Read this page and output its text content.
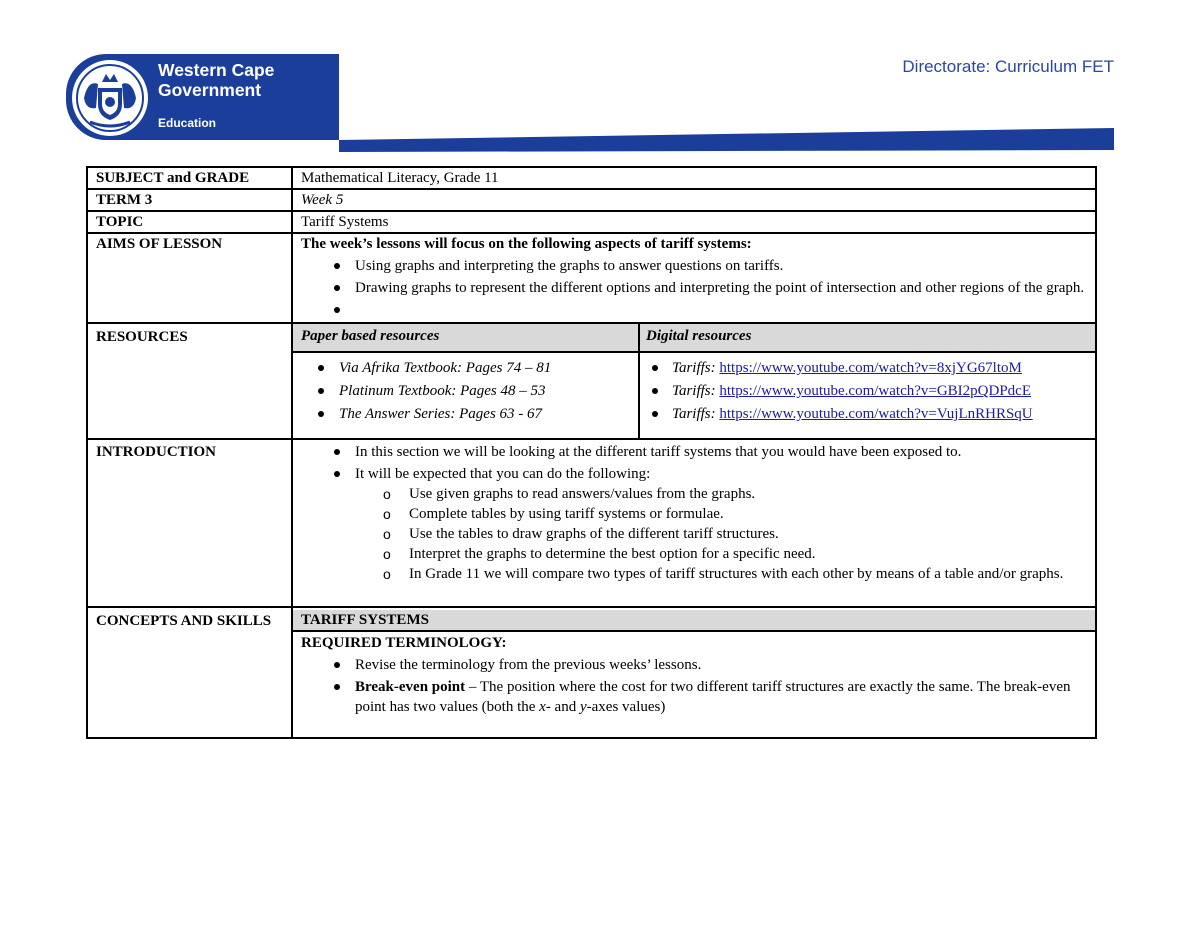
Western Cape
Government
Education
Directorate: Curriculum FET
SUBJECT and GRADE	Mathematical Literacy, Grade 11
TERM 3	Week 5
TOPIC	Tariff Systems
AIMS OF LESSON	The week’s lessons will focus on the following aspects of tariff systems:
Using graphs and interpreting the graphs to answer questions on tariffs.
Drawing graphs to represent the different options and interpreting the point of intersection and other regions of the graph.

RESOURCES		Paper based resources	Digital resources

Via Afrika Textbook: Pages 74 – 81
Platinum Textbook: Pages 48 – 53
The Answer Series: Pages 63 - 67

Tariffs: https://www.youtube.com/watch?v=8xjYG67ltoM
Tariffs: https://www.youtube.com/watch?v=GBI2pQDPdcE
Tariffs: https://www.youtube.com/watch?v=VujLnRHRSqU

INTRODUCTION	In this section we will be looking at the different tariff systems that you would have been exposed to.
It will be expected that you can do the following:
o Use given graphs to read answers/values from the graphs.
o Complete tables by using tariff systems or formulae.
o Use the tables to draw graphs of the different tariff structures.
o Interpret the graphs to determine the best option for a specific need.
o In Grade 11 we will compare two types of tariff structures with each other by means of a table and/or graphs.

CONCEPTS AND SKILLS	TARIFF SYSTEMS
REQUIRED TERMINOLOGY:
Revise the terminology from the previous weeks’ lessons.
Break-even point – The position where the cost for two different tariff structures are exactly the same. The break-even point has two values (both the x- and y-axes values)
